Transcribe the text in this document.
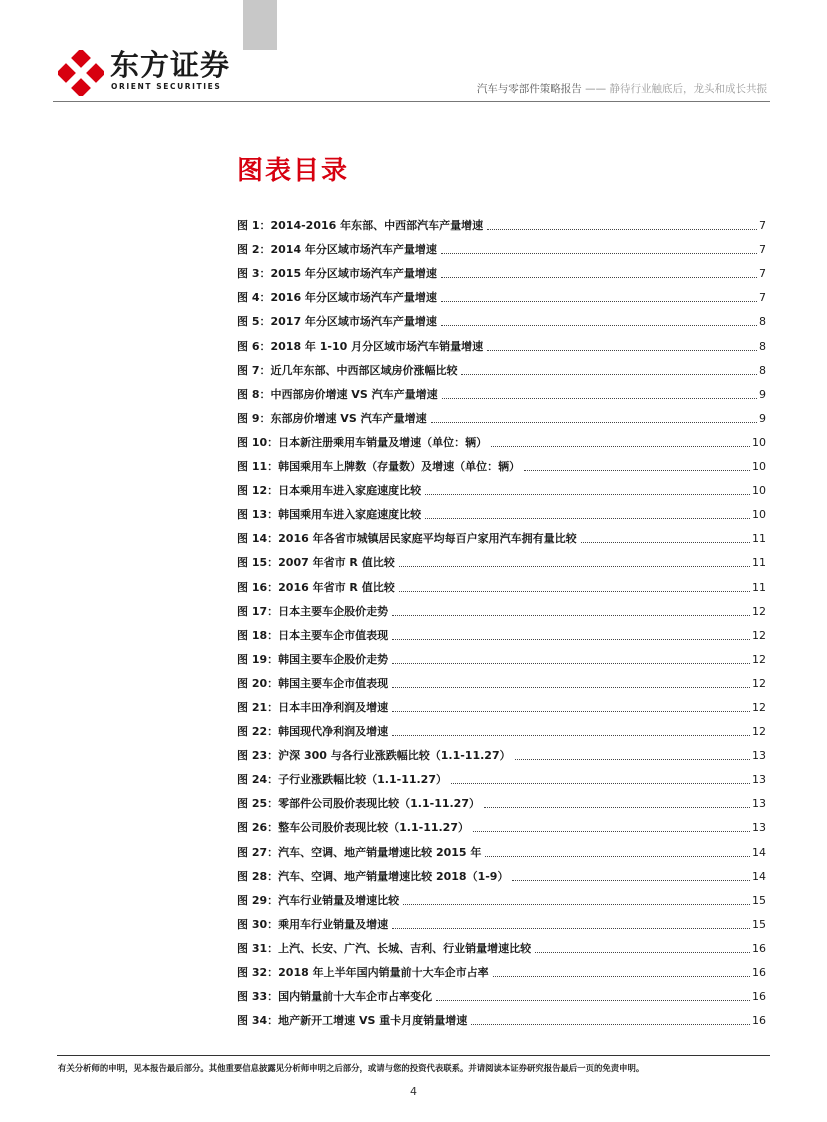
东方证券
ORIENT SECURITIES	汽车与零部件策略报告 —— 静待行业触底后，龙头和成长共振
图表目录
图 1：2014-2016 年东部、中西部汽车产量增速	7
图 2：2014 年分区域市场汽车产量增速	7
图 3：2015 年分区域市场汽车产量增速	7
图 4：2016 年分区域市场汽车产量增速	7
图 5：2017 年分区域市场汽车产量增速	8
图 6：2018 年 1-10 月分区域市场汽车销量增速	8
图 7：近几年东部、中西部区域房价涨幅比较	8
图 8：中西部房价增速 VS 汽车产量增速	9
图 9：东部房价增速 VS 汽车产量增速	9
图 10：日本新注册乘用车销量及增速（单位：辆）	10
图 11：韩国乘用车上牌数（存量数）及增速（单位：辆）	10
图 12：日本乘用车进入家庭速度比较	10
图 13：韩国乘用车进入家庭速度比较	10
图 14：2016 年各省市城镇居民家庭平均每百户家用汽车拥有量比较	11
图 15：2007 年省市 R 值比较	11
图 16：2016 年省市 R 值比较	11
图 17：日本主要车企股价走势	12
图 18：日本主要车企市值表现	12
图 19：韩国主要车企股价走势	12
图 20：韩国主要车企市值表现	12
图 21：日本丰田净利润及增速	12
图 22：韩国现代净利润及增速	12
图 23：沪深 300 与各行业涨跌幅比较（1.1-11.27）	13
图 24：子行业涨跌幅比较（1.1-11.27）	13
图 25：零部件公司股价表现比较（1.1-11.27）	13
图 26：整车公司股价表现比较（1.1-11.27）	13
图 27：汽车、空调、地产销量增速比较 2015 年	14
图 28：汽车、空调、地产销量增速比较 2018（1-9）	14
图 29：汽车行业销量及增速比较	15
图 30：乘用车行业销量及增速	15
图 31：上汽、长安、广汽、长城、吉利、行业销量增速比较	16
图 32：2018 年上半年国内销量前十大车企市占率	16
图 33：国内销量前十大车企市占率变化	16
图 34：地产新开工增速 VS 重卡月度销量增速	16
有关分析师的申明，见本报告最后部分。其他重要信息披露见分析师申明之后部分，或请与您的投资代表联系。并请阅读本证券研究报告最后一页的免责申明。
4
